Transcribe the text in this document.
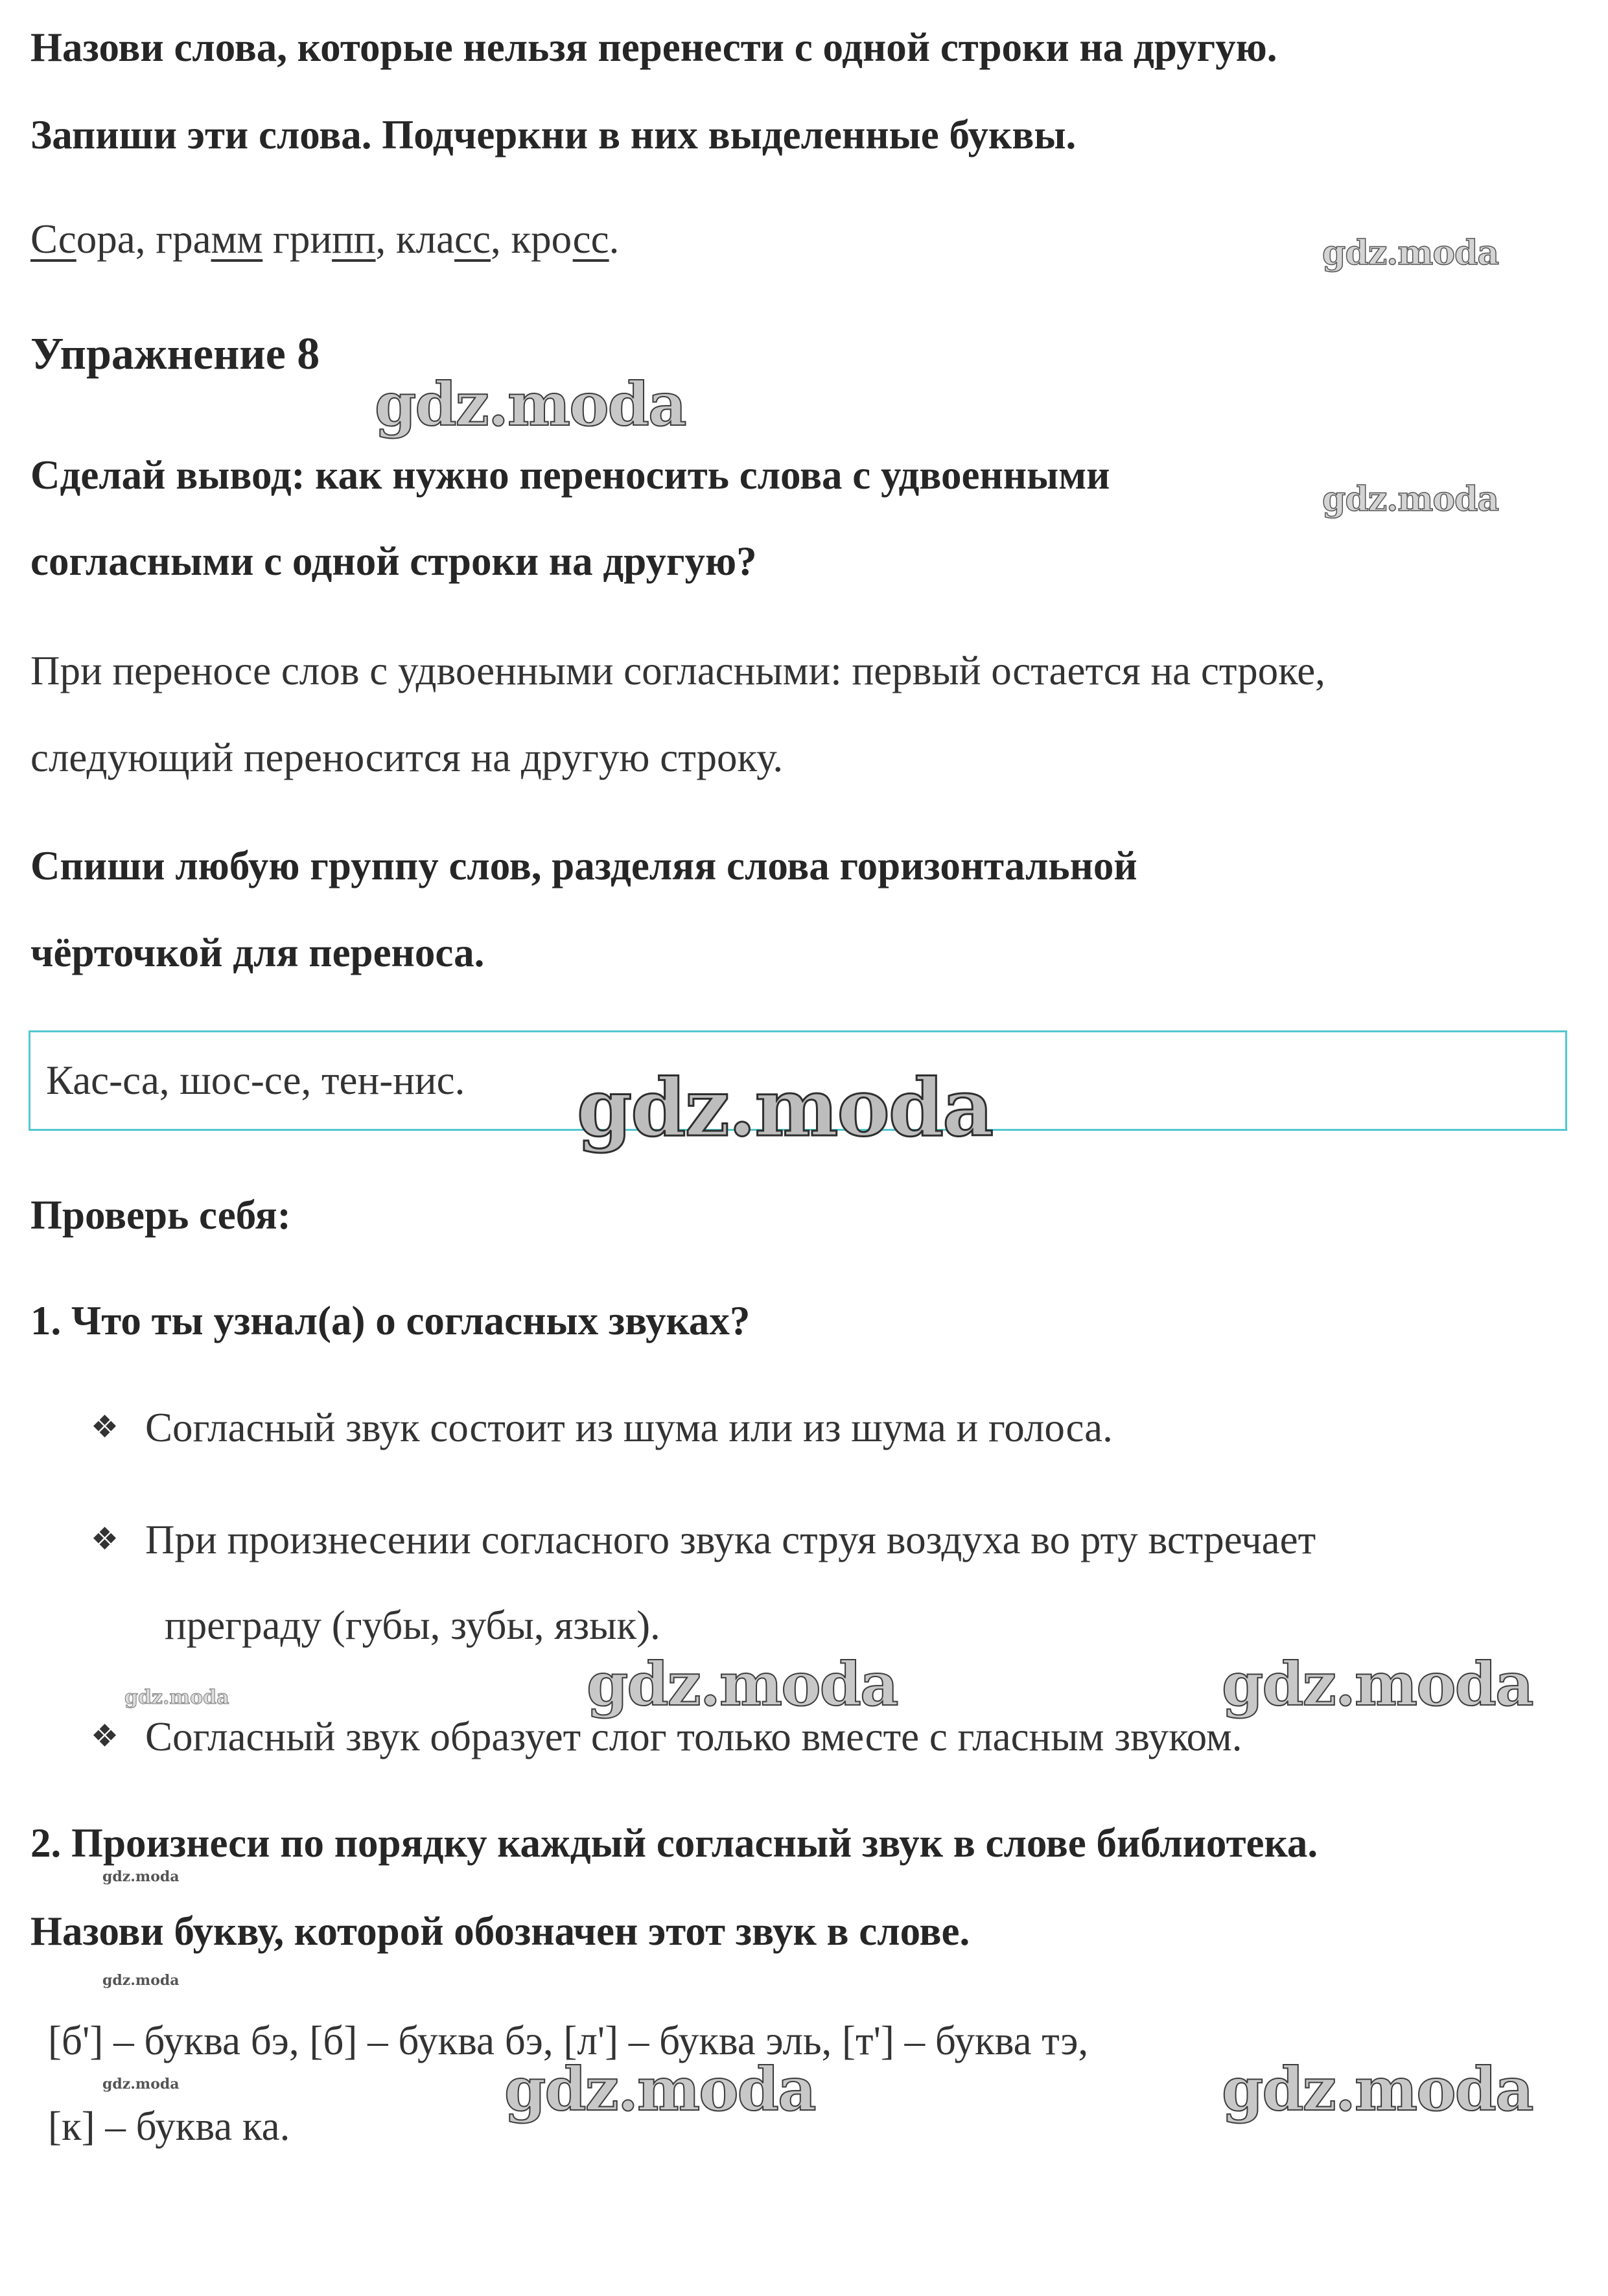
Назови слова, которые нельзя перенести с одной строки на другую.
Запиши эти слова. Подчеркни в них выделенные буквы.
Ссора, грамм грипп, класс, кросс.
Упражнение 8
Сделай вывод: как нужно переносить слова с удвоенными
согласными с одной строки на другую?
При переносе слов с удвоенными согласными: первый остается на строке,
следующий переносится на другую строку.
Спиши любую группу слов, разделяя слова горизонтальной
чёрточкой для переноса.
Кас-са, шос-се, тен-нис.
Проверь себя:
1. Что ты узнал(а) о согласных звуках?
❖ Согласный звук состоит из шума или из шума и голоса.
❖ При произнесении согласного звука струя воздуха во рту встречает
преграду (губы, зубы, язык).
❖ Согласный звук образует слог только вместе с гласным звуком.
2. Произнеси по порядку каждый согласный звук в слове библиотека.
Назови букву, которой обозначен этот звук в слове.
[б'] – буква бэ, [б] – буква бэ, [л'] – буква эль, [т'] – буква тэ,
[к] – буква ка.
gdz.moda
gdz.moda
gdz.moda
gdz.moda
gdz.moda	gdz.moda
gdz.moda
gdz.moda
gdz.moda
gdz.moda	gdz.moda	gdz.moda
